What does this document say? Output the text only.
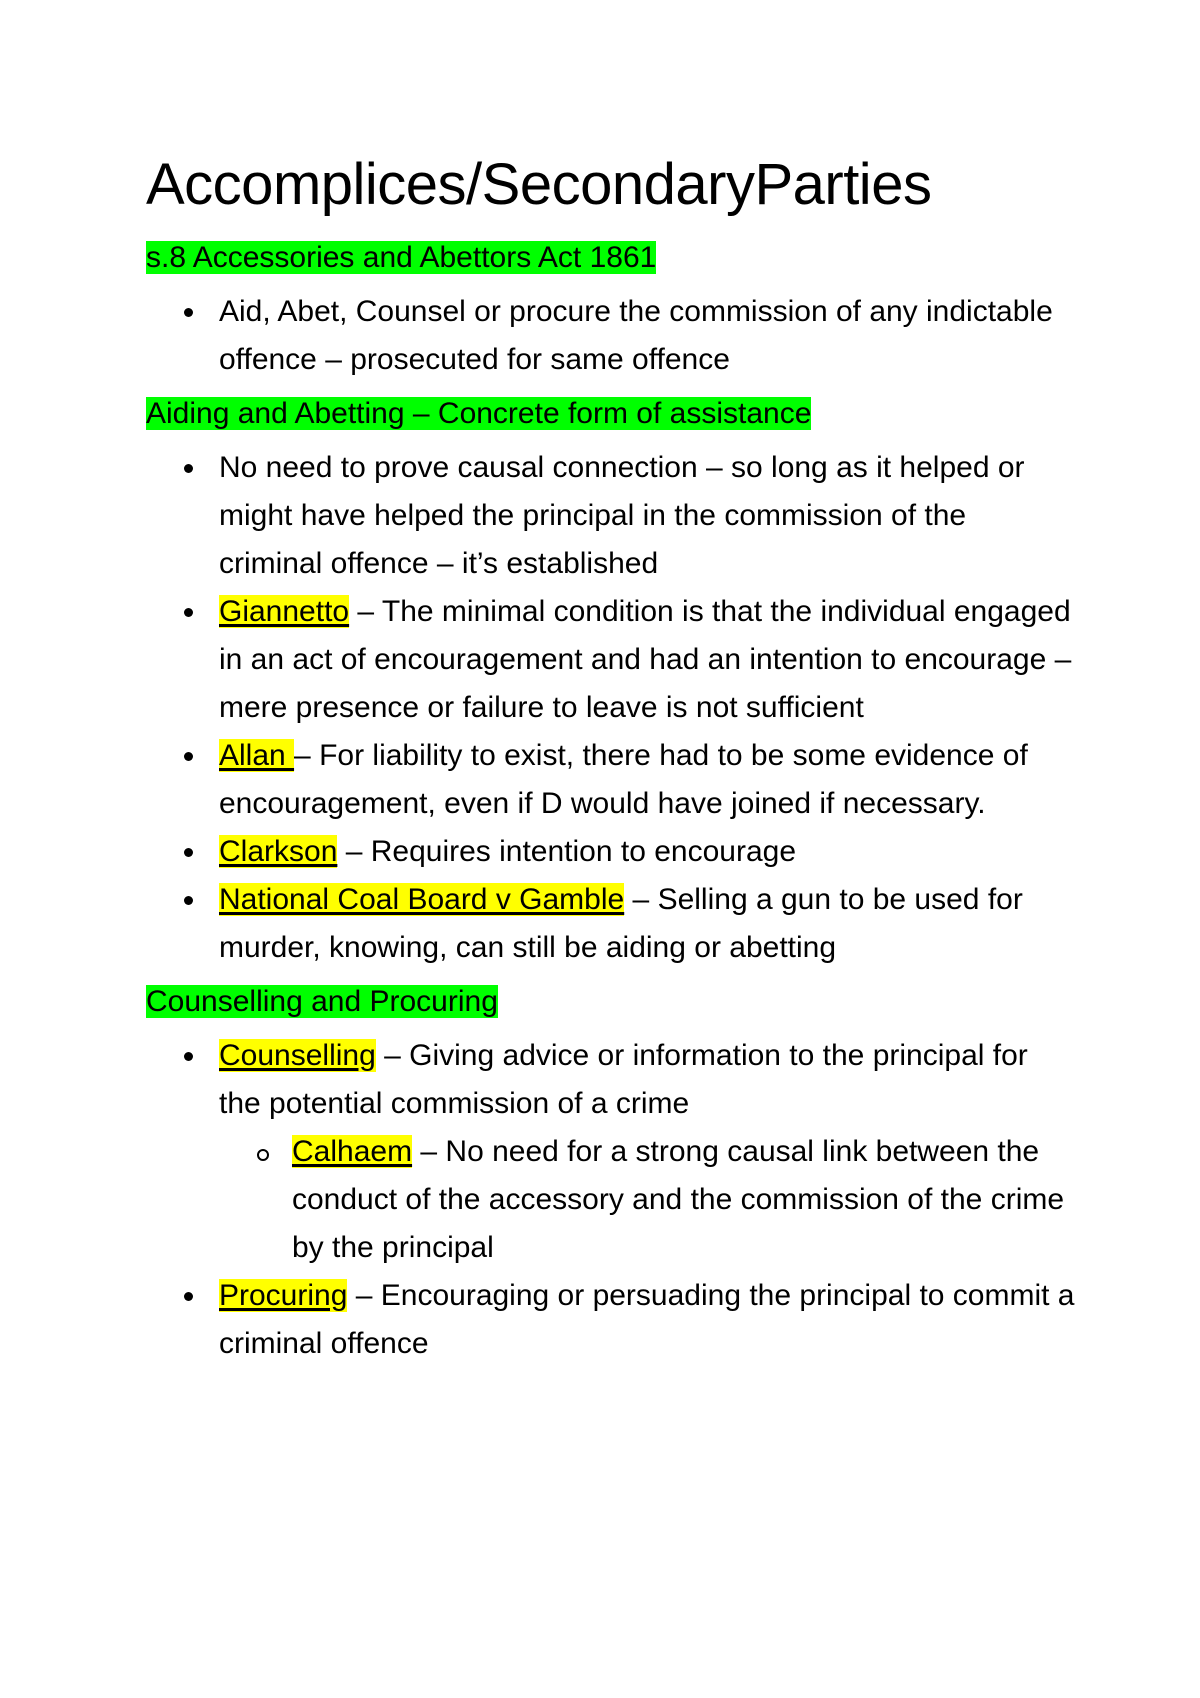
Accomplices/SecondaryParties
s.8 Accessories and Abettors Act 1861
Aid, Abet, Counsel or procure the commission of any indictable offence – prosecuted for same offence
Aiding and Abetting – Concrete form of assistance
No need to prove causal connection – so long as it helped or might have helped the principal in the commission of the criminal offence – it’s established
Giannetto – The minimal condition is that the individual engaged in an act of encouragement and had an intention to encourage – mere presence or failure to leave is not sufficient
Allan – For liability to exist, there had to be some evidence of encouragement, even if D would have joined if necessary.
Clarkson – Requires intention to encourage
National Coal Board v Gamble – Selling a gun to be used for murder, knowing, can still be aiding or abetting
Counselling and Procuring
Counselling – Giving advice or information to the principal for the potential commission of a crime
Calhaem – No need for a strong causal link between the conduct of the accessory and the commission of the crime by the principal
Procuring – Encouraging or persuading the principal to commit a criminal offence
